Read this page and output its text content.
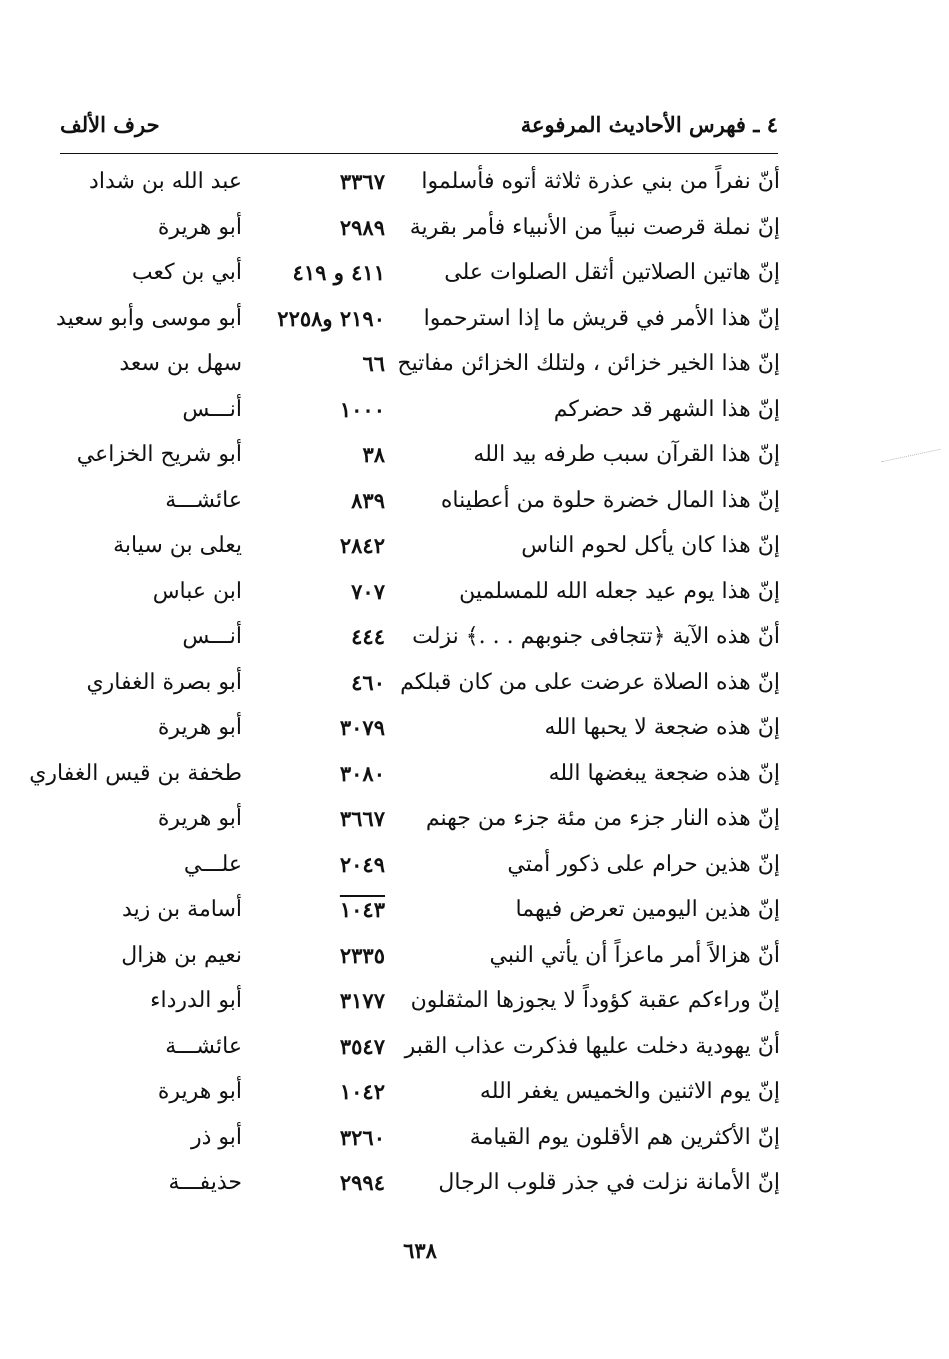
٤ ـ فهرس الأحاديث المرفوعة
حرف الألف
أنّ نفراً من بني عذرة ثلاثة أتوه فأسلموا
٣٣٦٧
عبد الله بن شداد
إنّ نملة قرصت نبياً من الأنبياء فأمر بقرية
٢٩٨٩
أبو هريرة
إنّ هاتين الصلاتين أثقل الصلوات على
٤١١ و ٤١٩
أبي بن كعب
إنّ هذا الأمر في قريش ما إذا استرحموا
٢١٩٠ و٢٢٥٨
أبو موسى وأبو سعيد
إنّ هذا الخير خزائن ، ولتلك الخزائن مفاتيح
٦٦
سهل بن سعد
إنّ هذا الشهر قد حضركم
١٠٠٠
أنـــس
إنّ هذا القرآن سبب طرفه بيد الله
٣٨
أبو شريح الخزاعي
إنّ هذا المال خضرة حلوة من أعطيناه
٨٣٩
عائشـــة
إنّ هذا كان يأكل لحوم الناس
٢٨٤٢
يعلى بن سيابة
إنّ هذا يوم عيد جعله الله للمسلمين
٧٠٧
ابن عباس
أنّ هذه الآية ﴿تتجافى جنوبهم . . .﴾ نزلت
٤٤٤
أنـــس
إنّ هذه الصلاة عرضت على من كان قبلكم
٤٦٠
أبو بصرة الغفاري
إنّ هذه ضجعة لا يحبها الله
٣٠٧٩
أبو هريرة
إنّ هذه ضجعة يبغضها الله
٣٠٨٠
طخفة بن قيس الغفاري
إنّ هذه النار جزء من مئة جزء من جهنم
٣٦٦٧
أبو هريرة
إنّ هذين حرام على ذكور أمتي
٢٠٤٩
علـــي
إنّ هذين اليومين تعرض فيهما
١٠٤٣
أسامة بن زيد
أنّ هزالاً أمر ماعزاً أن يأتي النبي
٢٣٣٥
نعيم بن هزال
إنّ وراءكم عقبة كؤوداً لا يجوزها المثقلون
٣١٧٧
أبو الدرداء
أنّ يهودية دخلت عليها فذكرت عذاب القبر
٣٥٤٧
عائشـــة
إنّ يوم الاثنين والخميس يغفر الله
١٠٤٢
أبو هريرة
إنّ الأكثرين هم الأقلون يوم القيامة
٣٢٦٠
أبو ذر
إنّ الأمانة نزلت في جذر قلوب الرجال
٢٩٩٤
حذيفـــة
٦٣٨
